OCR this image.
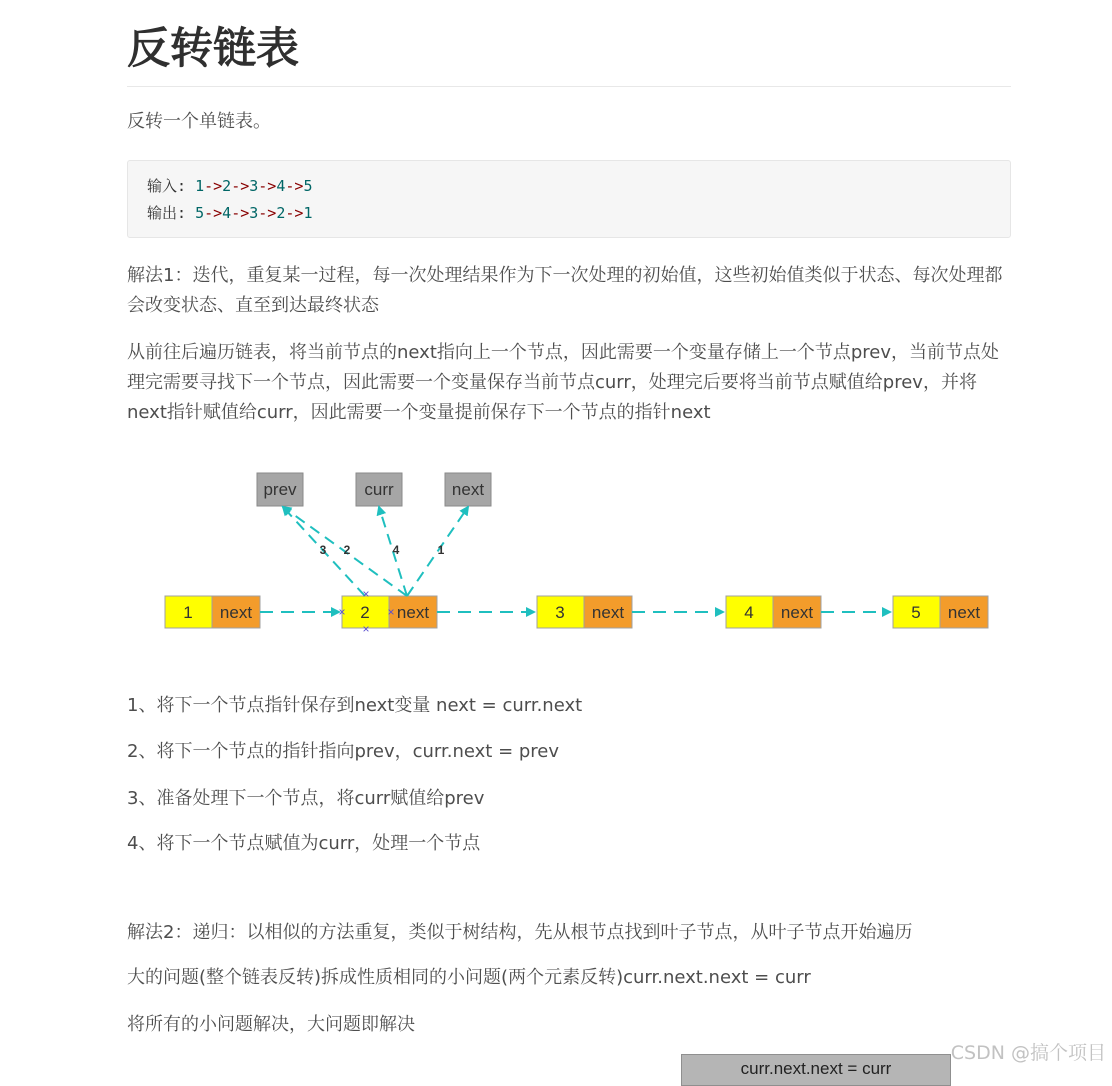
反转链表

反转一个单链表。

输入: 1->2->3->4->5
输出: 5->4->3->2->1

解法1：迭代，重复某一过程，每一次处理结果作为下一次处理的初始值，这些初始值类似于状态、每次处理都会改变状态、直至到达最终状态

从前往后遍历链表，将当前节点的next指向上一个节点，因此需要一个变量存储上一个节点prev，当前节点处理完需要寻找下一个节点，因此需要一个变量保存当前节点curr，处理完后要将当前节点赋值给prev，并将next指针赋值给curr，因此需要一个变量提前保存下一个节点的指针next

prev	curr	next
1 next	2 next	3 next	4 next	5 next
3 2	4	1
×
×	×
×
1、将下一个节点指针保存到next变量 next = curr.next
2、将下一个节点的指针指向prev，curr.next = prev
3、准备处理下一个节点，将curr赋值给prev
4、将下一个节点赋值为curr，处理一个节点

解法2：递归：以相似的方法重复，类似于树结构，先从根节点找到叶子节点，从叶子节点开始遍历

大的问题(整个链表反转)拆成性质相同的小问题(两个元素反转)curr.next.next = curr

将所有的小问题解决，大问题即解决

curr.next.next = curr
CSDN @搞个项目
